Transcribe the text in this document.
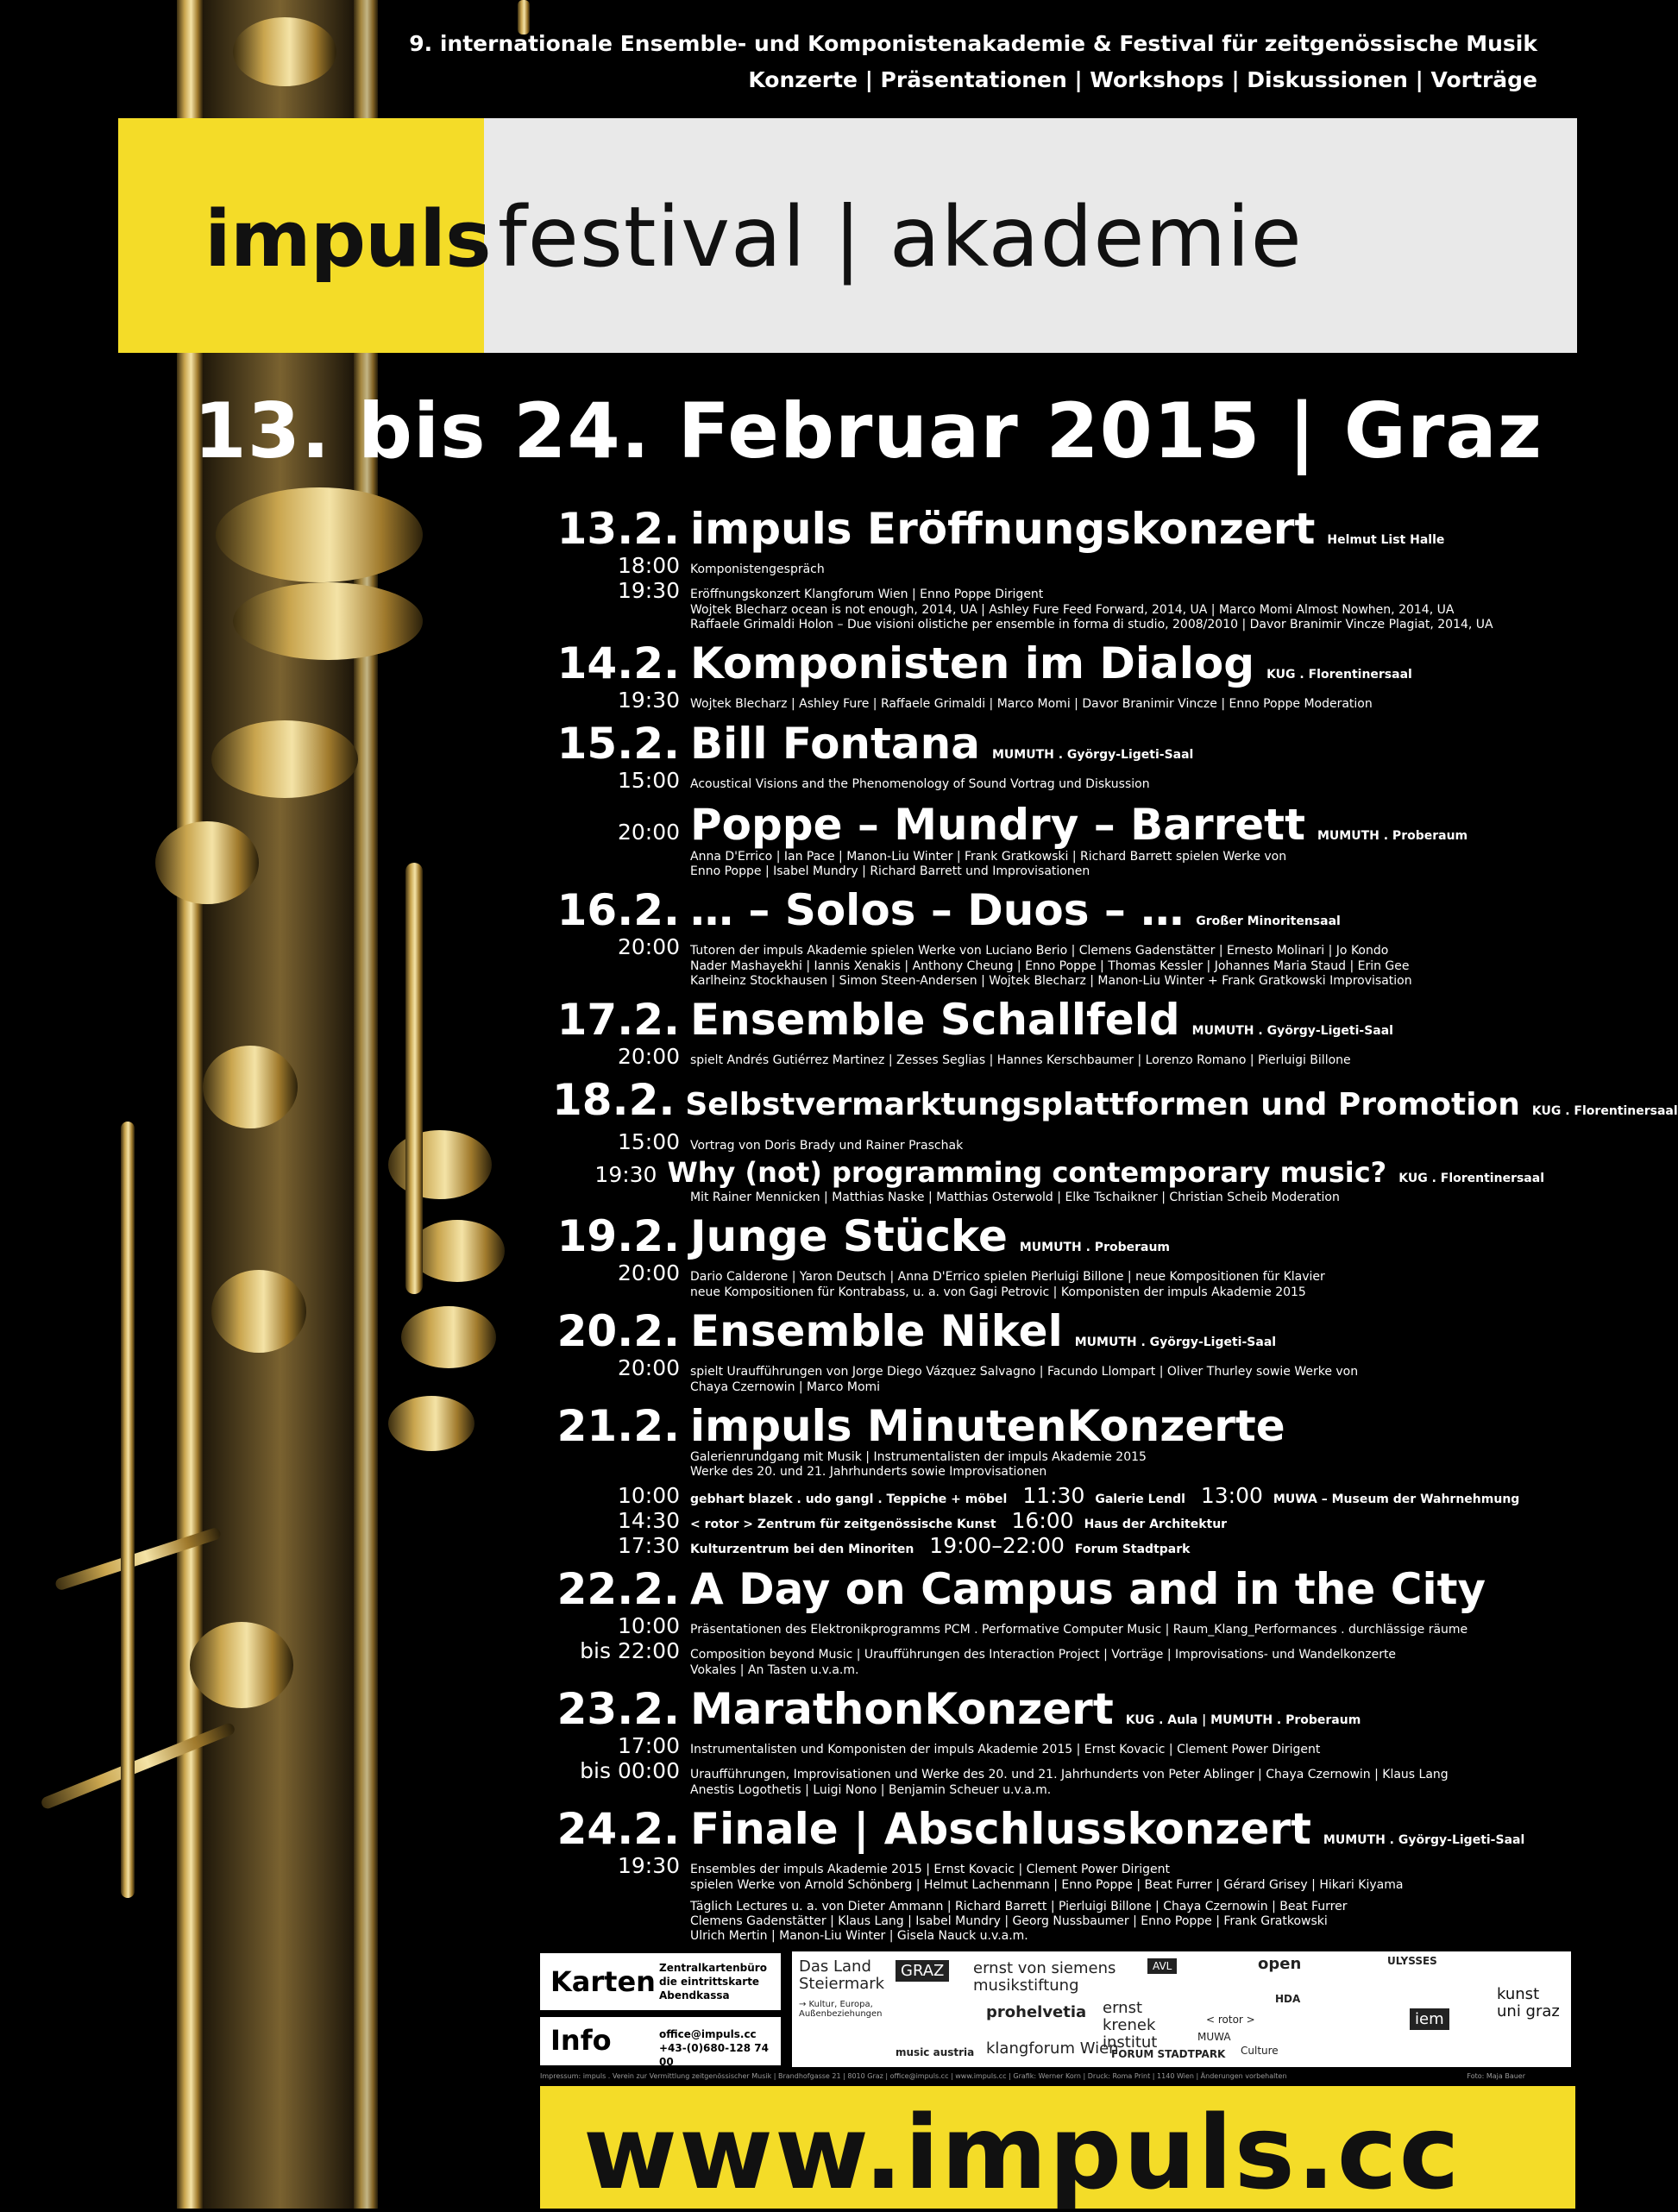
9. internationale Ensemble- und Komponistenakademie & Festival für zeitgenössische Musik
Konzerte | Präsentationen | Workshops | Diskussionen | Vorträge
impuls festival | akademie
13. bis 24. Februar 2015 | Graz
13.2. impuls Eröffnungskonzert Helmut List Halle
18:00 Komponistengespräch
19:30 Eröffnungskonzert Klangforum Wien | Enno Poppe Dirigent
Wojtek Blecharz ocean is not enough, 2014, UA | Ashley Fure Feed Forward, 2014, UA | Marco Momi Almost Nowhen, 2014, UA
Raffaele Grimaldi Holon – Due visioni olistiche per ensemble in forma di studio, 2008/2010 | Davor Branimir Vincze Plagiat, 2014, UA
14.2. Komponisten im Dialog KUG . Florentinersaal
19:30 Wojtek Blecharz | Ashley Fure | Raffaele Grimaldi | Marco Momi | Davor Branimir Vincze | Enno Poppe Moderation
15.2. Bill Fontana MUMUTH . György-Ligeti-Saal
15:00 Acoustical Visions and the Phenomenology of Sound Vortrag und Diskussion
20:00 Poppe – Mundry – Barrett MUMUTH . Proberaum
Anna D'Errico | Ian Pace | Manon-Liu Winter | Frank Gratkowski | Richard Barrett spielen Werke von
Enno Poppe | Isabel Mundry | Richard Barrett und Improvisationen
16.2. … – Solos – Duos – … Großer Minoritensaal
20:00 Tutoren der impuls Akademie spielen Werke von Luciano Berio | Clemens Gadenstätter | Ernesto Molinari | Jo Kondo
Nader Mashayekhi | Iannis Xenakis | Anthony Cheung | Enno Poppe | Thomas Kessler | Johannes Maria Staud | Erin Gee
Karlheinz Stockhausen | Simon Steen-Andersen | Wojtek Blecharz | Manon-Liu Winter + Frank Gratkowski Improvisation
17.2. Ensemble Schallfeld MUMUTH . György-Ligeti-Saal
20:00 spielt Andrés Gutiérrez Martinez | Zesses Seglias | Hannes Kerschbaumer | Lorenzo Romano | Pierluigi Billone
18.2. Selbstvermarktungsplattformen und Promotion KUG . Florentinersaal
15:00 Vortrag von Doris Brady und Rainer Praschak
19:30 Why (not) programming contemporary music? KUG . Florentinersaal
Mit Rainer Mennicken | Matthias Naske | Matthias Osterwold | Elke Tschaikner | Christian Scheib Moderation
19.2. Junge Stücke MUMUTH . Proberaum
20:00 Dario Calderone | Yaron Deutsch | Anna D'Errico spielen Pierluigi Billone | neue Kompositionen für Klavier
neue Kompositionen für Kontrabass, u. a. von Gagi Petrovic | Komponisten der impuls Akademie 2015
20.2. Ensemble Nikel MUMUTH . György-Ligeti-Saal
20:00 spielt Uraufführungen von Jorge Diego Vázquez Salvagno | Facundo Llompart | Oliver Thurley sowie Werke von
Chaya Czernowin | Marco Momi
21.2. impuls MinutenKonzerte
Galerienrundgang mit Musik | Instrumentalisten der impuls Akademie 2015
Werke des 20. und 21. Jahrhunderts sowie Improvisationen
10:00 gebhart blazek . udo gangl . Teppiche + möbel 11:30 Galerie Lendl 13:00 MUWA – Museum der Wahrnehmung
14:30 < rotor > Zentrum für zeitgenössische Kunst 16:00 Haus der Architektur
17:30 Kulturzentrum bei den Minoriten 19:00–22:00 Forum Stadtpark
22.2. A Day on Campus and in the City
10:00 Präsentationen des Elektronikprogramms PCM . Performative Computer Music | Raum_Klang_Performances . durchlässige räume
bis 22:00 Composition beyond Music | Uraufführungen des Interaction Project | Vorträge | Improvisations- und Wandelkonzerte
Vokales | An Tasten u.v.a.m.
23.2. MarathonKonzert KUG . Aula | MUMUTH . Proberaum
17:00 Instrumentalisten und Komponisten der impuls Akademie 2015 | Ernst Kovacic | Clement Power Dirigent
bis 00:00 Uraufführungen, Improvisationen und Werke des 20. und 21. Jahrhunderts von Peter Ablinger | Chaya Czernowin | Klaus Lang
Anestis Logothetis | Luigi Nono | Benjamin Scheuer u.v.a.m.
24.2. Finale | Abschlusskonzert MUMUTH . György-Ligeti-Saal
19:30 Ensembles der impuls Akademie 2015 | Ernst Kovacic | Clement Power Dirigent
spielen Werke von Arnold Schönberg | Helmut Lachenmann | Enno Poppe | Beat Furrer | Gérard Grisey | Hikari Kiyama
Täglich Lectures u. a. von Dieter Ammann | Richard Barrett | Pierluigi Billone | Chaya Czernowin | Beat Furrer
Clemens Gadenstätter | Klaus Lang | Isabel Mundry | Georg Nussbaumer | Enno Poppe | Frank Gratkowski
Ulrich Mertin | Manon-Liu Winter | Gisela Nauck u.v.a.m.
Karten Zentralkartenbüro
die eintrittskarte
Abendkassa
Info	office@impuls.cc
+43-(0)680-128 74 00
Das Land Steiermark
→ Kultur, Europa, Außenbeziehungen
GRAZ	ernst von siemens musikstiftung
prohelvetia ernst krenek institut
klangforum Wien
music austria	FORUM STADTPARK
AVL	open
HDA
< rotor >
MUWA
Culture
ULYSSES
iem
kunst uni graz
Impressum: impuls . Verein zur Vermittlung zeitgenössischer Musik | Brandhofgasse 21 | 8010 Graz | office@impuls.cc | www.impuls.cc | Grafik: Werner Korn | Druck: Roma Print | 1140 Wien | Änderungen vorbehalten	Foto: Maja Bauer
www.impuls.cc
